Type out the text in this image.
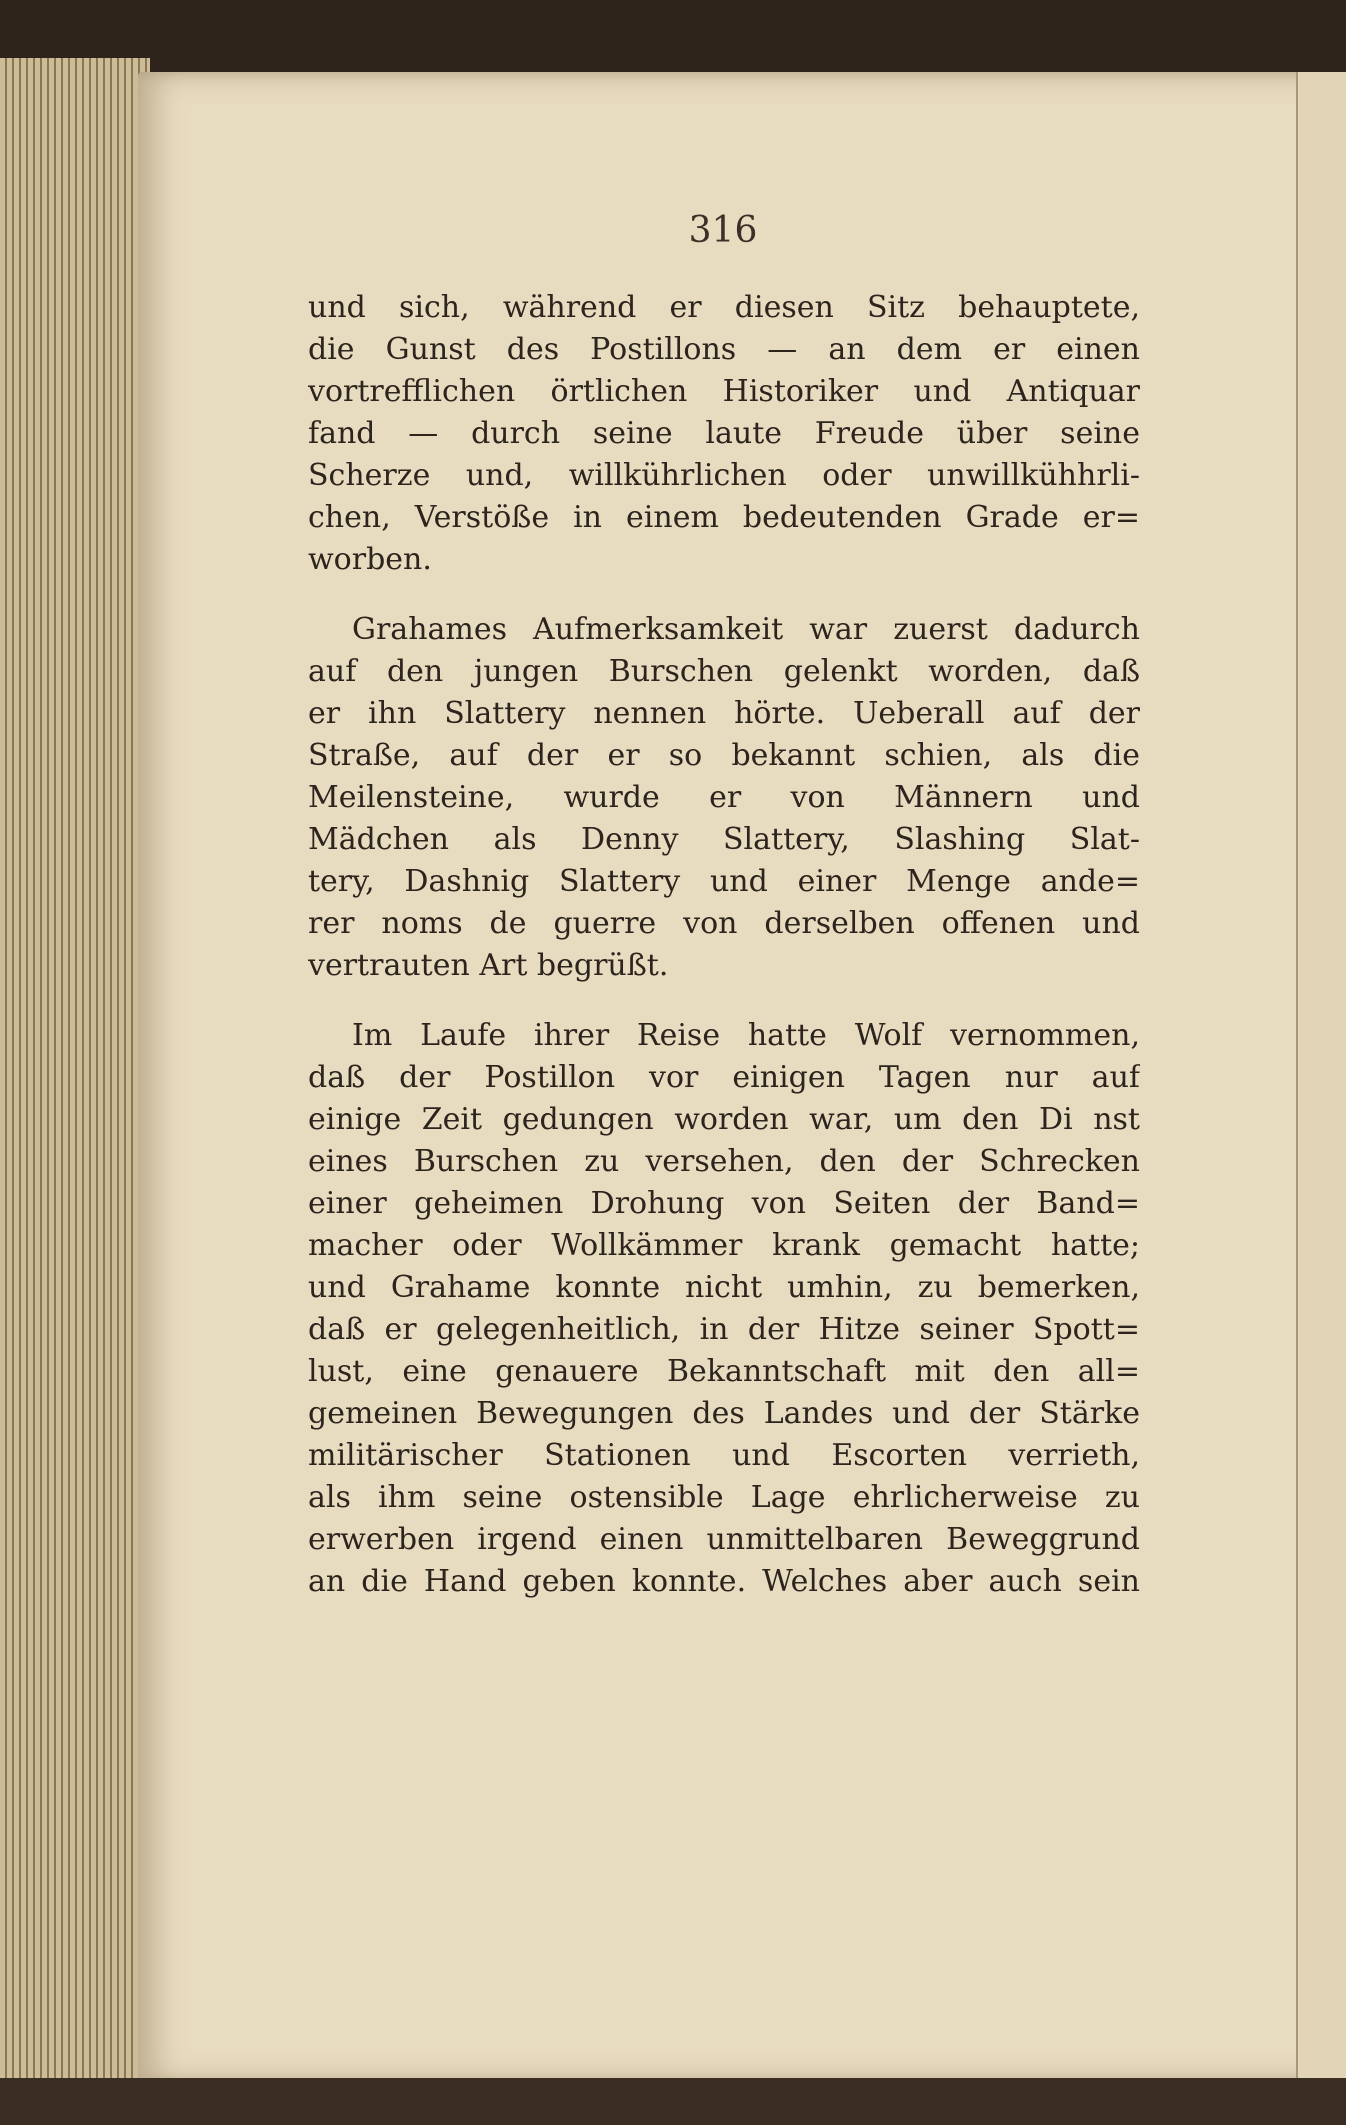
316
und sich, während er diesen Sitz behauptete,
die Gunst des Postillons — an dem er einen
vortrefflichen örtlichen Historiker und Antiquar
fand — durch seine laute Freude über seine
Scherze und, willkührlichen oder unwillkühhrli-
chen, Verstöße in einem bedeutenden Grade er=
worben.
Grahames Aufmerksamkeit war zuerst dadurch
auf den jungen Burschen gelenkt worden, daß
er ihn Slattery nennen hörte. Ueberall auf der
Straße, auf der er so bekannt schien, als die
Meilensteine, wurde er von Männern und
Mädchen als Denny Slattery, Slashing Slat-
tery, Dashnig Slattery und einer Menge ande=
rer noms de guerre von derselben offenen und
vertrauten Art begrüßt.
Im Laufe ihrer Reise hatte Wolf vernommen,
daß der Postillon vor einigen Tagen nur auf
einige Zeit gedungen worden war, um den Di nst
eines Burschen zu versehen, den der Schrecken
einer geheimen Drohung von Seiten der Band=
macher oder Wollkämmer krank gemacht hatte;
und Grahame konnte nicht umhin, zu bemerken,
daß er gelegenheitlich, in der Hitze seiner Spott=
lust, eine genauere Bekanntschaft mit den all=
gemeinen Bewegungen des Landes und der Stärke
militärischer Stationen und Escorten verrieth,
als ihm seine ostensible Lage ehrlicherweise zu
erwerben irgend einen unmittelbaren Beweggrund
an die Hand geben konnte. Welches aber auch sein
